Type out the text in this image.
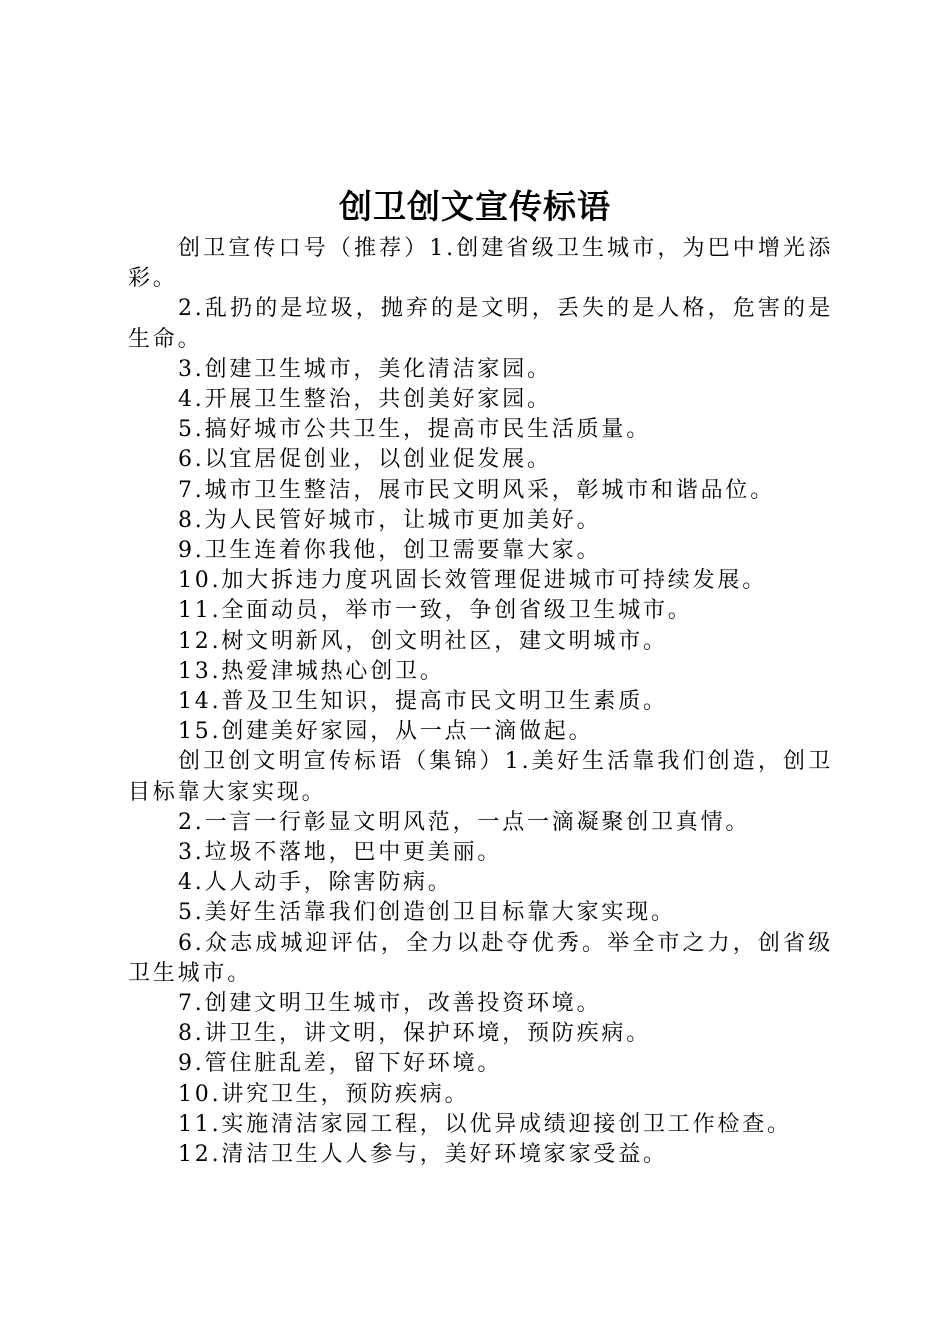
创卫创文宣传标语

创卫宣传口号（推荐）1.创建省级卫生城市，为巴中增光添彩。

2.乱扔的是垃圾，抛弃的是文明，丢失的是人格，危害的是生命。

3.创建卫生城市，美化清洁家园。

4.开展卫生整治，共创美好家园。

5.搞好城市公共卫生，提高市民生活质量。

6.以宜居促创业，以创业促发展。

7.城市卫生整洁，展市民文明风采，彰城市和谐品位。

8.为人民管好城市，让城市更加美好。

9.卫生连着你我他，创卫需要靠大家。

10.加大拆违力度巩固长效管理促进城市可持续发展。

11.全面动员，举市一致，争创省级卫生城市。

12.树文明新风，创文明社区，建文明城市。

13.热爱津城热心创卫。

14.普及卫生知识，提高市民文明卫生素质。

15.创建美好家园，从一点一滴做起。

创卫创文明宣传标语（集锦）1.美好生活靠我们创造，创卫目标靠大家实现。

2.一言一行彰显文明风范，一点一滴凝聚创卫真情。

3.垃圾不落地，巴中更美丽。

4.人人动手，除害防病。

5.美好生活靠我们创造创卫目标靠大家实现。

6.众志成城迎评估，全力以赴夺优秀。举全市之力，创省级卫生城市。

7.创建文明卫生城市，改善投资环境。

8.讲卫生，讲文明，保护环境，预防疾病。

9.管住脏乱差，留下好环境。

10.讲究卫生，预防疾病。

11.实施清洁家园工程，以优异成绩迎接创卫工作检查。

12.清洁卫生人人参与，美好环境家家受益。
